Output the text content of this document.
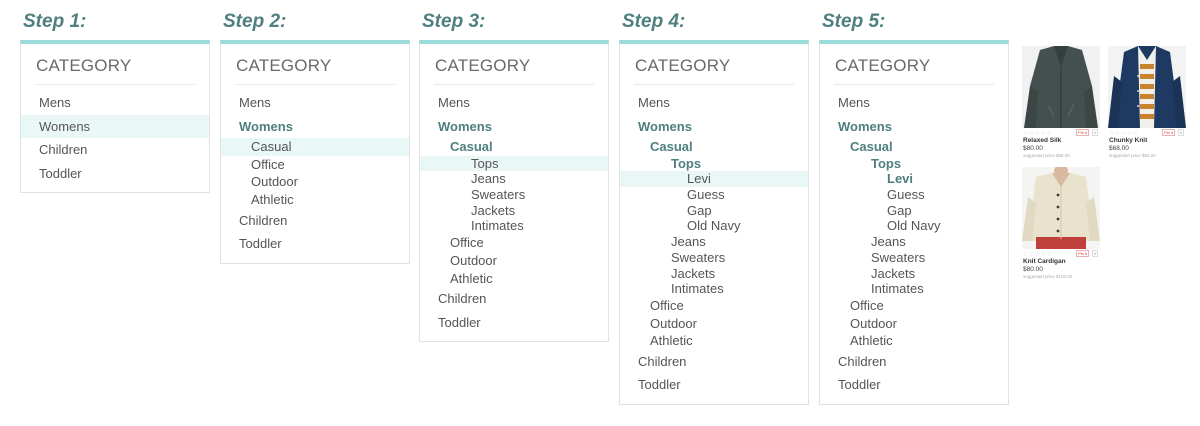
Step 1:
CATEGORY
Mens
Womens
Children
Toddler
Step 2:
CATEGORY
Mens
Womens
Casual
Office
Outdoor
Athletic
Children
Toddler
Step 3:
CATEGORY
Mens
Womens
Casual
Tops
Jeans
Sweaters
Jackets
Intimates
Office
Outdoor
Athletic
Children
Toddler
Step 4:
CATEGORY
Mens
Womens
Casual
Tops
Levi
Guess
Gap
Old Navy
Jeans
Sweaters
Jackets
Intimates
Office
Outdoor
Athletic
Children
Toddler
Step 5:
CATEGORY
Mens
Womens
Casual
Tops
Levi
Guess
Gap
Old Navy
Jeans
Sweaters
Jackets
Intimates
Office
Outdoor
Athletic
Children
Toddler
☆☆☆☆☆	Pin it	0
Relaxed Silk
$80.00
suggested price $98.00
☆☆☆☆☆	Pin it	0
Chunky Knit
$68.00
suggested price $92.00
☆☆☆☆☆	Pin it	0
Knit Cardigan
$80.00
suggested price $100.00
